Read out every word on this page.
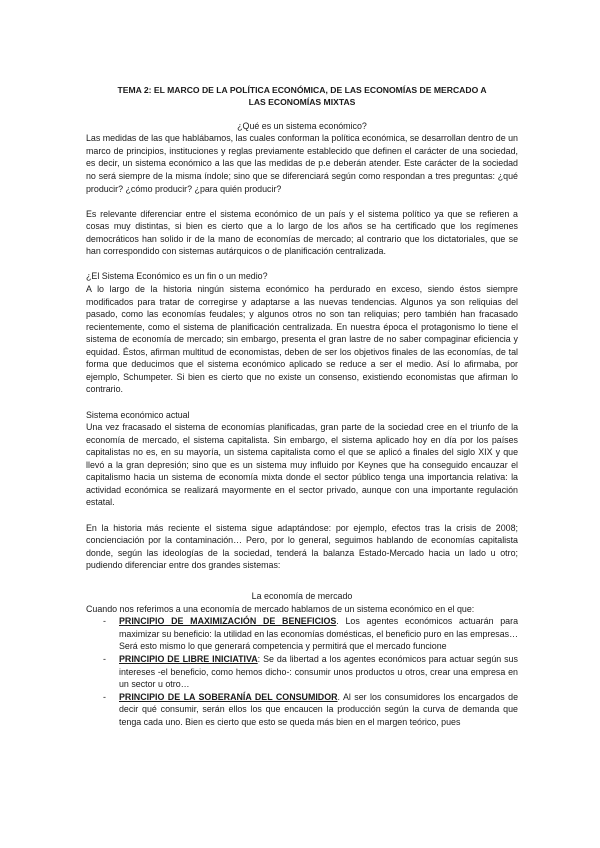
TEMA 2: EL MARCO DE LA POLÍTICA ECONÓMICA, DE LAS ECONOMÍAS DE MERCADO A LAS ECONOMÍAS MIXTAS
¿Qué es un sistema económico?

Las medidas de las que hablábamos, las cuales conforman la política económica, se desarrollan dentro de un marco de principios, instituciones y reglas previamente establecido que definen el carácter de una sociedad, es decir, un sistema económico a las que las medidas de p.e deberán atender. Este carácter de la sociedad no será siempre de la misma índole; sino que se diferenciará según como respondan a tres preguntas: ¿qué producir? ¿cómo producir? ¿para quién producir?

Es relevante diferenciar entre el sistema económico de un país y el sistema político ya que se refieren a cosas muy distintas, si bien es cierto que a lo largo de los años se ha certificado que los regímenes democráticos han solido ir de la mano de economías de mercado; al contrario que los dictatoriales, que se han correspondido con sistemas autárquicos o de planificación centralizada.

¿El Sistema Económico es un fin o un medio?

A lo largo de la historia ningún sistema económico ha perdurado en exceso, siendo éstos siempre modificados para tratar de corregirse y adaptarse a las nuevas tendencias. Algunos ya son reliquias del pasado, como las economías feudales; y algunos otros no son tan reliquias; pero también han fracasado recientemente, como el sistema de planificación centralizada. En nuestra época el protagonismo lo tiene el sistema de economía de mercado; sin embargo, presenta el gran lastre de no saber compaginar eficiencia y equidad. Éstos, afirman multitud de economistas, deben de ser los objetivos finales de las economías, de tal forma que deducimos que el sistema económico aplicado se reduce a ser el medio. Así lo afirmaba, por ejemplo, Schumpeter. Si bien es cierto que no existe un consenso, existiendo economistas que afirman lo contrario.

Sistema económico actual

Una vez fracasado el sistema de economías planificadas, gran parte de la sociedad cree en el triunfo de la economía de mercado, el sistema capitalista. Sin embargo, el sistema aplicado hoy en día por los países capitalistas no es, en su mayoría, un sistema capitalista como el que se aplicó a finales del siglo XIX y que llevó a la gran depresión; sino que es un sistema muy influido por Keynes que ha conseguido encauzar el capitalismo hacia un sistema de economía mixta donde el sector público tenga una importancia relativa: la actividad económica se realizará mayormente en el sector privado, aunque con una importante regulación estatal.

En la historia más reciente el sistema sigue adaptándose: por ejemplo, efectos tras la crisis de 2008; concienciación por la contaminación… Pero, por lo general, seguimos hablando de economías capitalista donde, según las ideologías de la sociedad, tenderá la balanza Estado-Mercado hacia un lado u otro; pudiendo diferenciar entre dos grandes sistemas:

La economía de mercado

Cuando nos referimos a una economía de mercado hablamos de un sistema económico en el que:

- PRINCIPIO DE MAXIMIZACIÓN DE BENEFICIOS. Los agentes económicos actuarán para maximizar su beneficio: la utilidad en las economías domésticas, el beneficio puro en las empresas… Será esto mismo lo que generará competencia y permitirá que el mercado funcione
- PRINCIPIO DE LIBRE INICIATIVA: Se da libertad a los agentes económicos para actuar según sus intereses -el beneficio, como hemos dicho-: consumir unos productos u otros, crear una empresa en un sector u otro…
- PRINCIPIO DE LA SOBERANÍA DEL CONSUMIDOR. Al ser los consumidores los encargados de decir qué consumir, serán ellos los que encaucen la producción según la curva de demanda que tenga cada uno. Bien es cierto que esto se queda más bien en el margen teórico, pues
